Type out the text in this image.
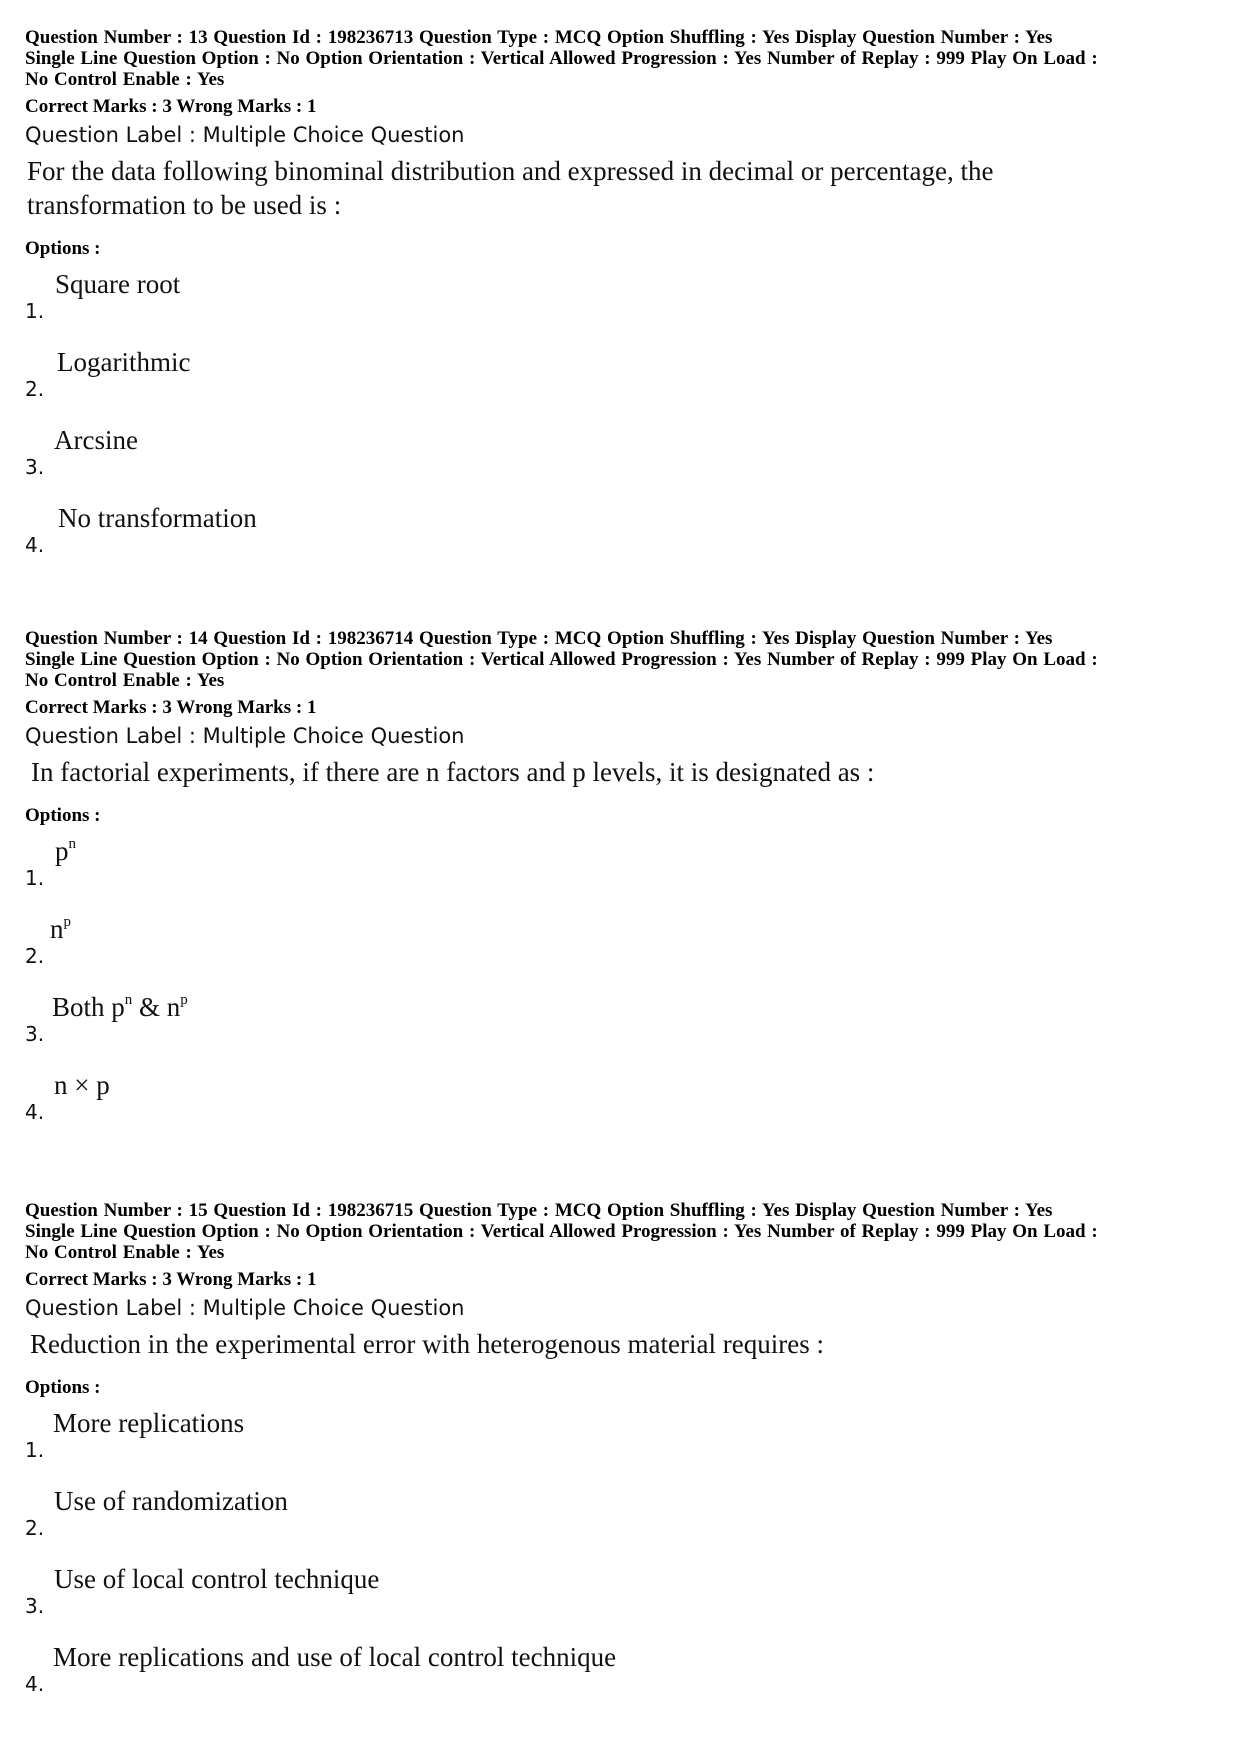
Question Number : 13 Question Id : 198236713 Question Type : MCQ Option Shuffling : Yes Display Question Number : Yes
Single Line Question Option : No Option Orientation : Vertical Allowed Progression : Yes Number of Replay : 999 Play On Load :
No Control Enable : Yes
Correct Marks : 3 Wrong Marks : 1
Question Label : Multiple Choice Question
For the data following binominal distribution and expressed in decimal or percentage, the
transformation to be used is :
Options :
1.
Square root
2.
Logarithmic
3.
Arcsine
4.
No transformation
Question Number : 14 Question Id : 198236714 Question Type : MCQ Option Shuffling : Yes Display Question Number : Yes
Single Line Question Option : No Option Orientation : Vertical Allowed Progression : Yes Number of Replay : 999 Play On Load :
No Control Enable : Yes
Correct Marks : 3 Wrong Marks : 1
Question Label : Multiple Choice Question
In factorial experiments, if there are n factors and p levels, it is designated as :
Options :
1.
$p^n$
2.
$n^p$
3.
Both $p^n$ & $n^p$
4.
n × p
Question Number : 15 Question Id : 198236715 Question Type : MCQ Option Shuffling : Yes Display Question Number : Yes
Single Line Question Option : No Option Orientation : Vertical Allowed Progression : Yes Number of Replay : 999 Play On Load :
No Control Enable : Yes
Correct Marks : 3 Wrong Marks : 1
Question Label : Multiple Choice Question
Reduction in the experimental error with heterogenous material requires :
Options :
1.
More replications
2.
Use of randomization
3.
Use of local control technique
4.
More replications and use of local control technique
